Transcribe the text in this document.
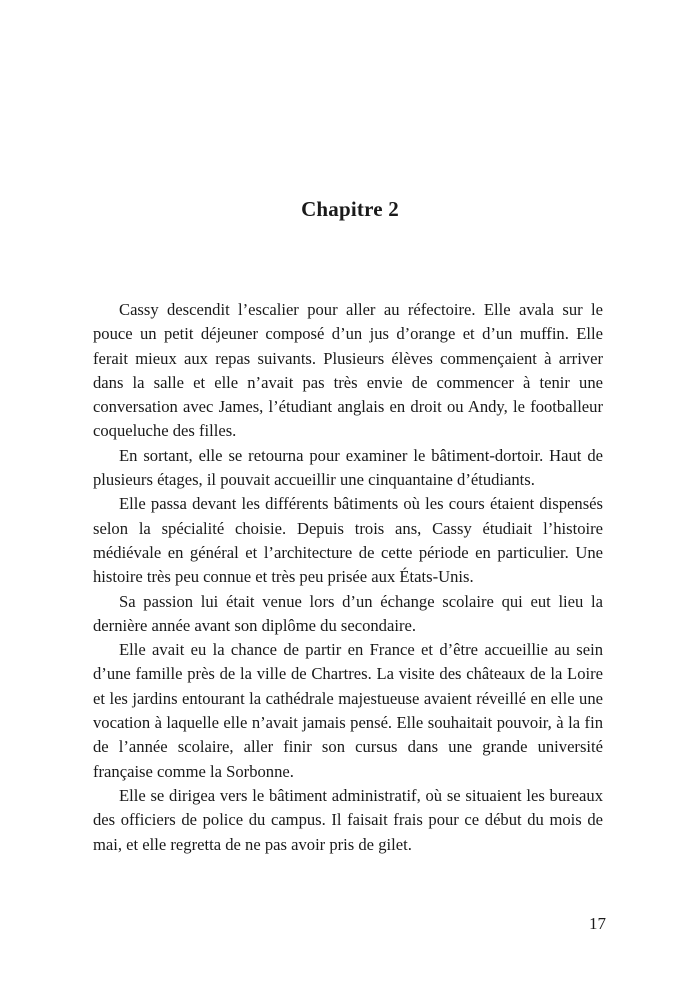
Chapitre 2

Cassy descendit l’escalier pour aller au réfectoire. Elle avala sur le pouce un petit déjeuner composé d’un jus d’orange et d’un muffin. Elle ferait mieux aux repas suivants. Plusieurs élèves commençaient à arriver dans la salle et elle n’avait pas très envie de commencer à tenir une conversation avec James, l’étudiant anglais en droit ou Andy, le footballeur coqueluche des filles.

En sortant, elle se retourna pour examiner le bâtiment-dortoir. Haut de plusieurs étages, il pouvait accueillir une cinquantaine d’étudiants.

Elle passa devant les différents bâtiments où les cours étaient dispensés selon la spécialité choisie. Depuis trois ans, Cassy étudiait l’histoire médiévale en général et l’architecture de cette période en particulier. Une histoire très peu connue et très peu prisée aux États-Unis.

Sa passion lui était venue lors d’un échange scolaire qui eut lieu la dernière année avant son diplôme du secondaire.

Elle avait eu la chance de partir en France et d’être accueillie au sein d’une famille près de la ville de Chartres. La visite des châteaux de la Loire et les jardins entourant la cathédrale majestueuse avaient réveillé en elle une vocation à laquelle elle n’avait jamais pensé. Elle souhaitait pouvoir, à la fin de l’année scolaire, aller finir son cursus dans une grande université française comme la Sorbonne.

Elle se dirigea vers le bâtiment administratif, où se situaient les bureaux des officiers de police du campus. Il faisait frais pour ce début du mois de mai, et elle regretta de ne pas avoir pris de gilet.

17
